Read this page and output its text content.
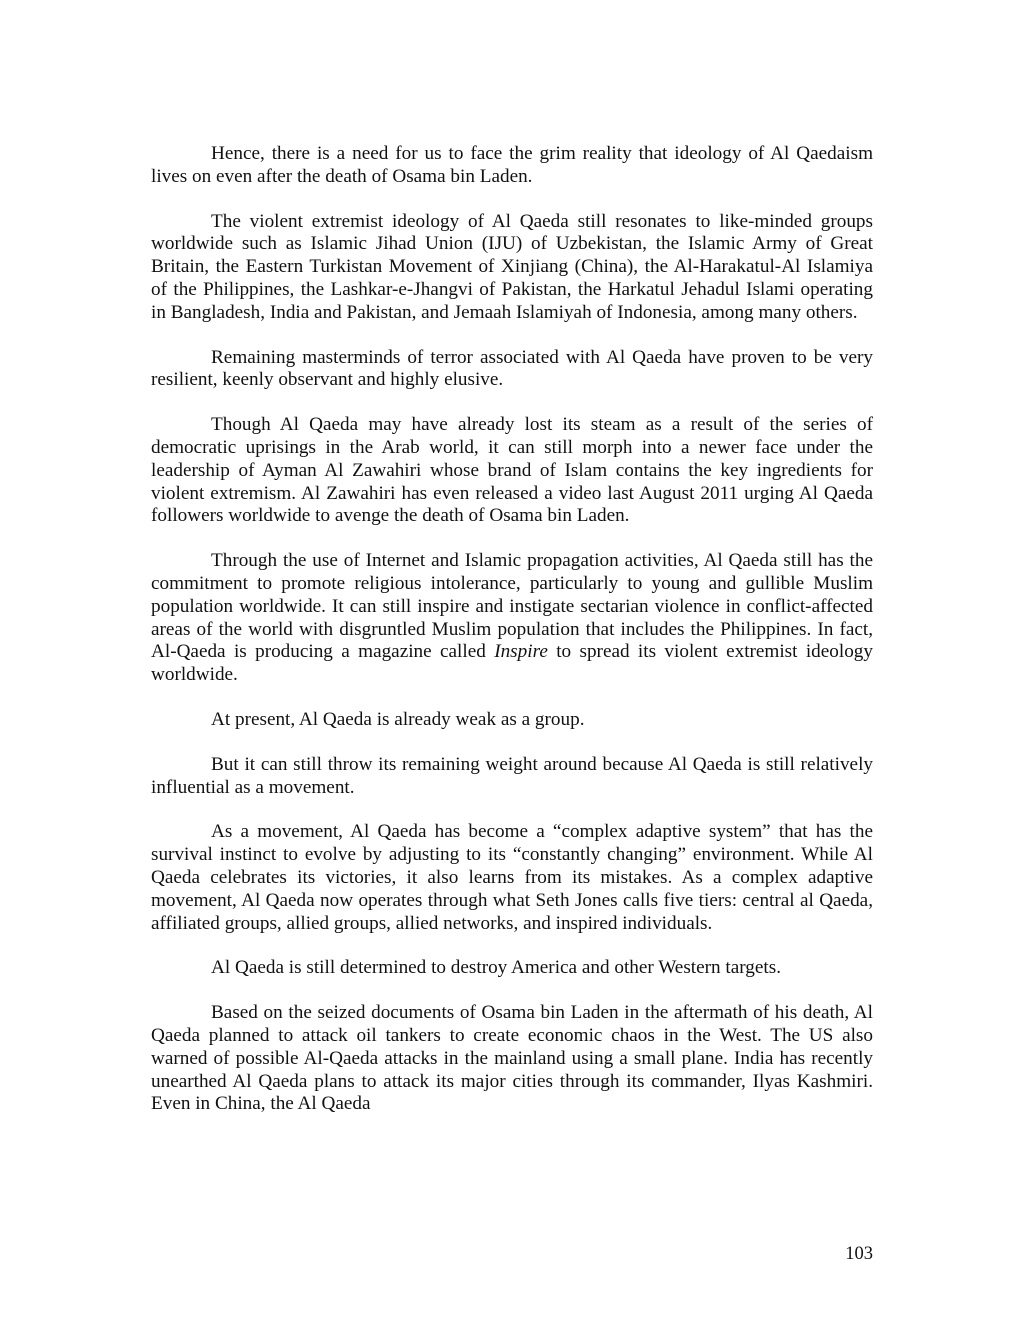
Hence, there is a need for us to face the grim reality that ideology of Al Qaedaism lives on even after the death of Osama bin Laden.

The violent extremist ideology of Al Qaeda still resonates to like-minded groups worldwide such as Islamic Jihad Union (IJU) of Uzbekistan, the Islamic Army of Great Britain, the Eastern Turkistan Movement of Xinjiang (China), the Al-Harakatul-Al Islamiya of the Philippines, the Lashkar-e-Jhangvi of Pakistan, the Harkatul Jehadul Islami operating in Bangladesh, India and Pakistan, and Jemaah Islamiyah of Indonesia, among many others.

Remaining masterminds of terror associated with Al Qaeda have proven to be very resilient, keenly observant and highly elusive.

Though Al Qaeda may have already lost its steam as a result of the series of democratic uprisings in the Arab world, it can still morph into a newer face under the leadership of Ayman Al Zawahiri whose brand of Islam contains the key ingredients for violent extremism. Al Zawahiri has even released a video last August 2011 urging Al Qaeda followers worldwide to avenge the death of Osama bin Laden.

Through the use of Internet and Islamic propagation activities, Al Qaeda still has the commitment to promote religious intolerance, particularly to young and gullible Muslim population worldwide. It can still inspire and instigate sectarian violence in conflict-affected areas of the world with disgruntled Muslim population that includes the Philippines. In fact, Al-Qaeda is producing a magazine called Inspire to spread its violent extremist ideology worldwide.

At present, Al Qaeda is already weak as a group.

But it can still throw its remaining weight around because Al Qaeda is still relatively influential as a movement.

As a movement, Al Qaeda has become a “complex adaptive system” that has the survival instinct to evolve by adjusting to its “constantly changing” environment. While Al Qaeda celebrates its victories, it also learns from its mistakes. As a complex adaptive movement, Al Qaeda now operates through what Seth Jones calls five tiers: central al Qaeda, affiliated groups, allied groups, allied networks, and inspired individuals.

Al Qaeda is still determined to destroy America and other Western targets.

Based on the seized documents of Osama bin Laden in the aftermath of his death, Al Qaeda planned to attack oil tankers to create economic chaos in the West. The US also warned of possible Al-Qaeda attacks in the mainland using a small plane. India has recently unearthed Al Qaeda plans to attack its major cities through its commander, Ilyas Kashmiri. Even in China, the Al Qaeda

103
